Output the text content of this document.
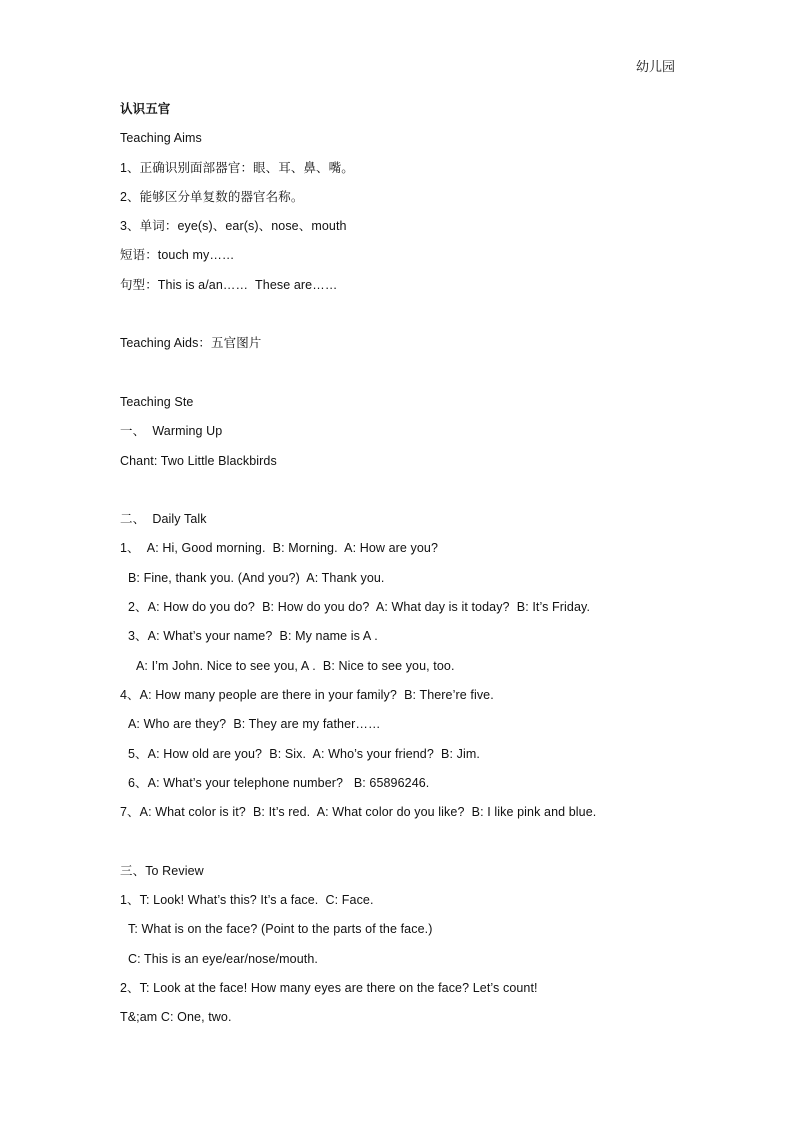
幼儿园
认识五官
Teaching Aims
1、正确识别面部器官：眼、耳、鼻、嘴。
2、能够区分单复数的器官名称。
3、单词：eye(s)、ear(s)、nose、mouth
短语：touch my……
句型：This is a/an……  These are……
Teaching Aids：五官图片
Teaching Ste
一、  Warming Up
Chant: Two Little Blackbirds
二、  Daily Talk
1、  A: Hi, Good morning.  B: Morning.  A: How are you?
B: Fine, thank you. (And you?)  A: Thank you.
2、A: How do you do?  B: How do you do?  A: What day is it today?  B: It’s Friday.
3、A: What’s your name?  B: My name is A .
A: I’m John. Nice to see you, A .  B: Nice to see you, too.
4、A: How many people are there in your family?  B: There’re five.
A: Who are they?  B: They are my father……
5、A: How old are you?  B: Six.  A: Who’s your friend?  B: Jim.
6、A: What’s your telephone number?   B: 65896246.
7、A: What color is it?  B: It’s red.  A: What color do you like?  B: I like pink and blue.
三、To Review
1、T: Look! What’s this? It’s a face.  C: Face.
T: What is on the face? (Point to the parts of the face.)
C: This is an eye/ear/nose/mouth.
2、T: Look at the face! How many eyes are there on the face? Let’s count!
T&;am C: One, two.
